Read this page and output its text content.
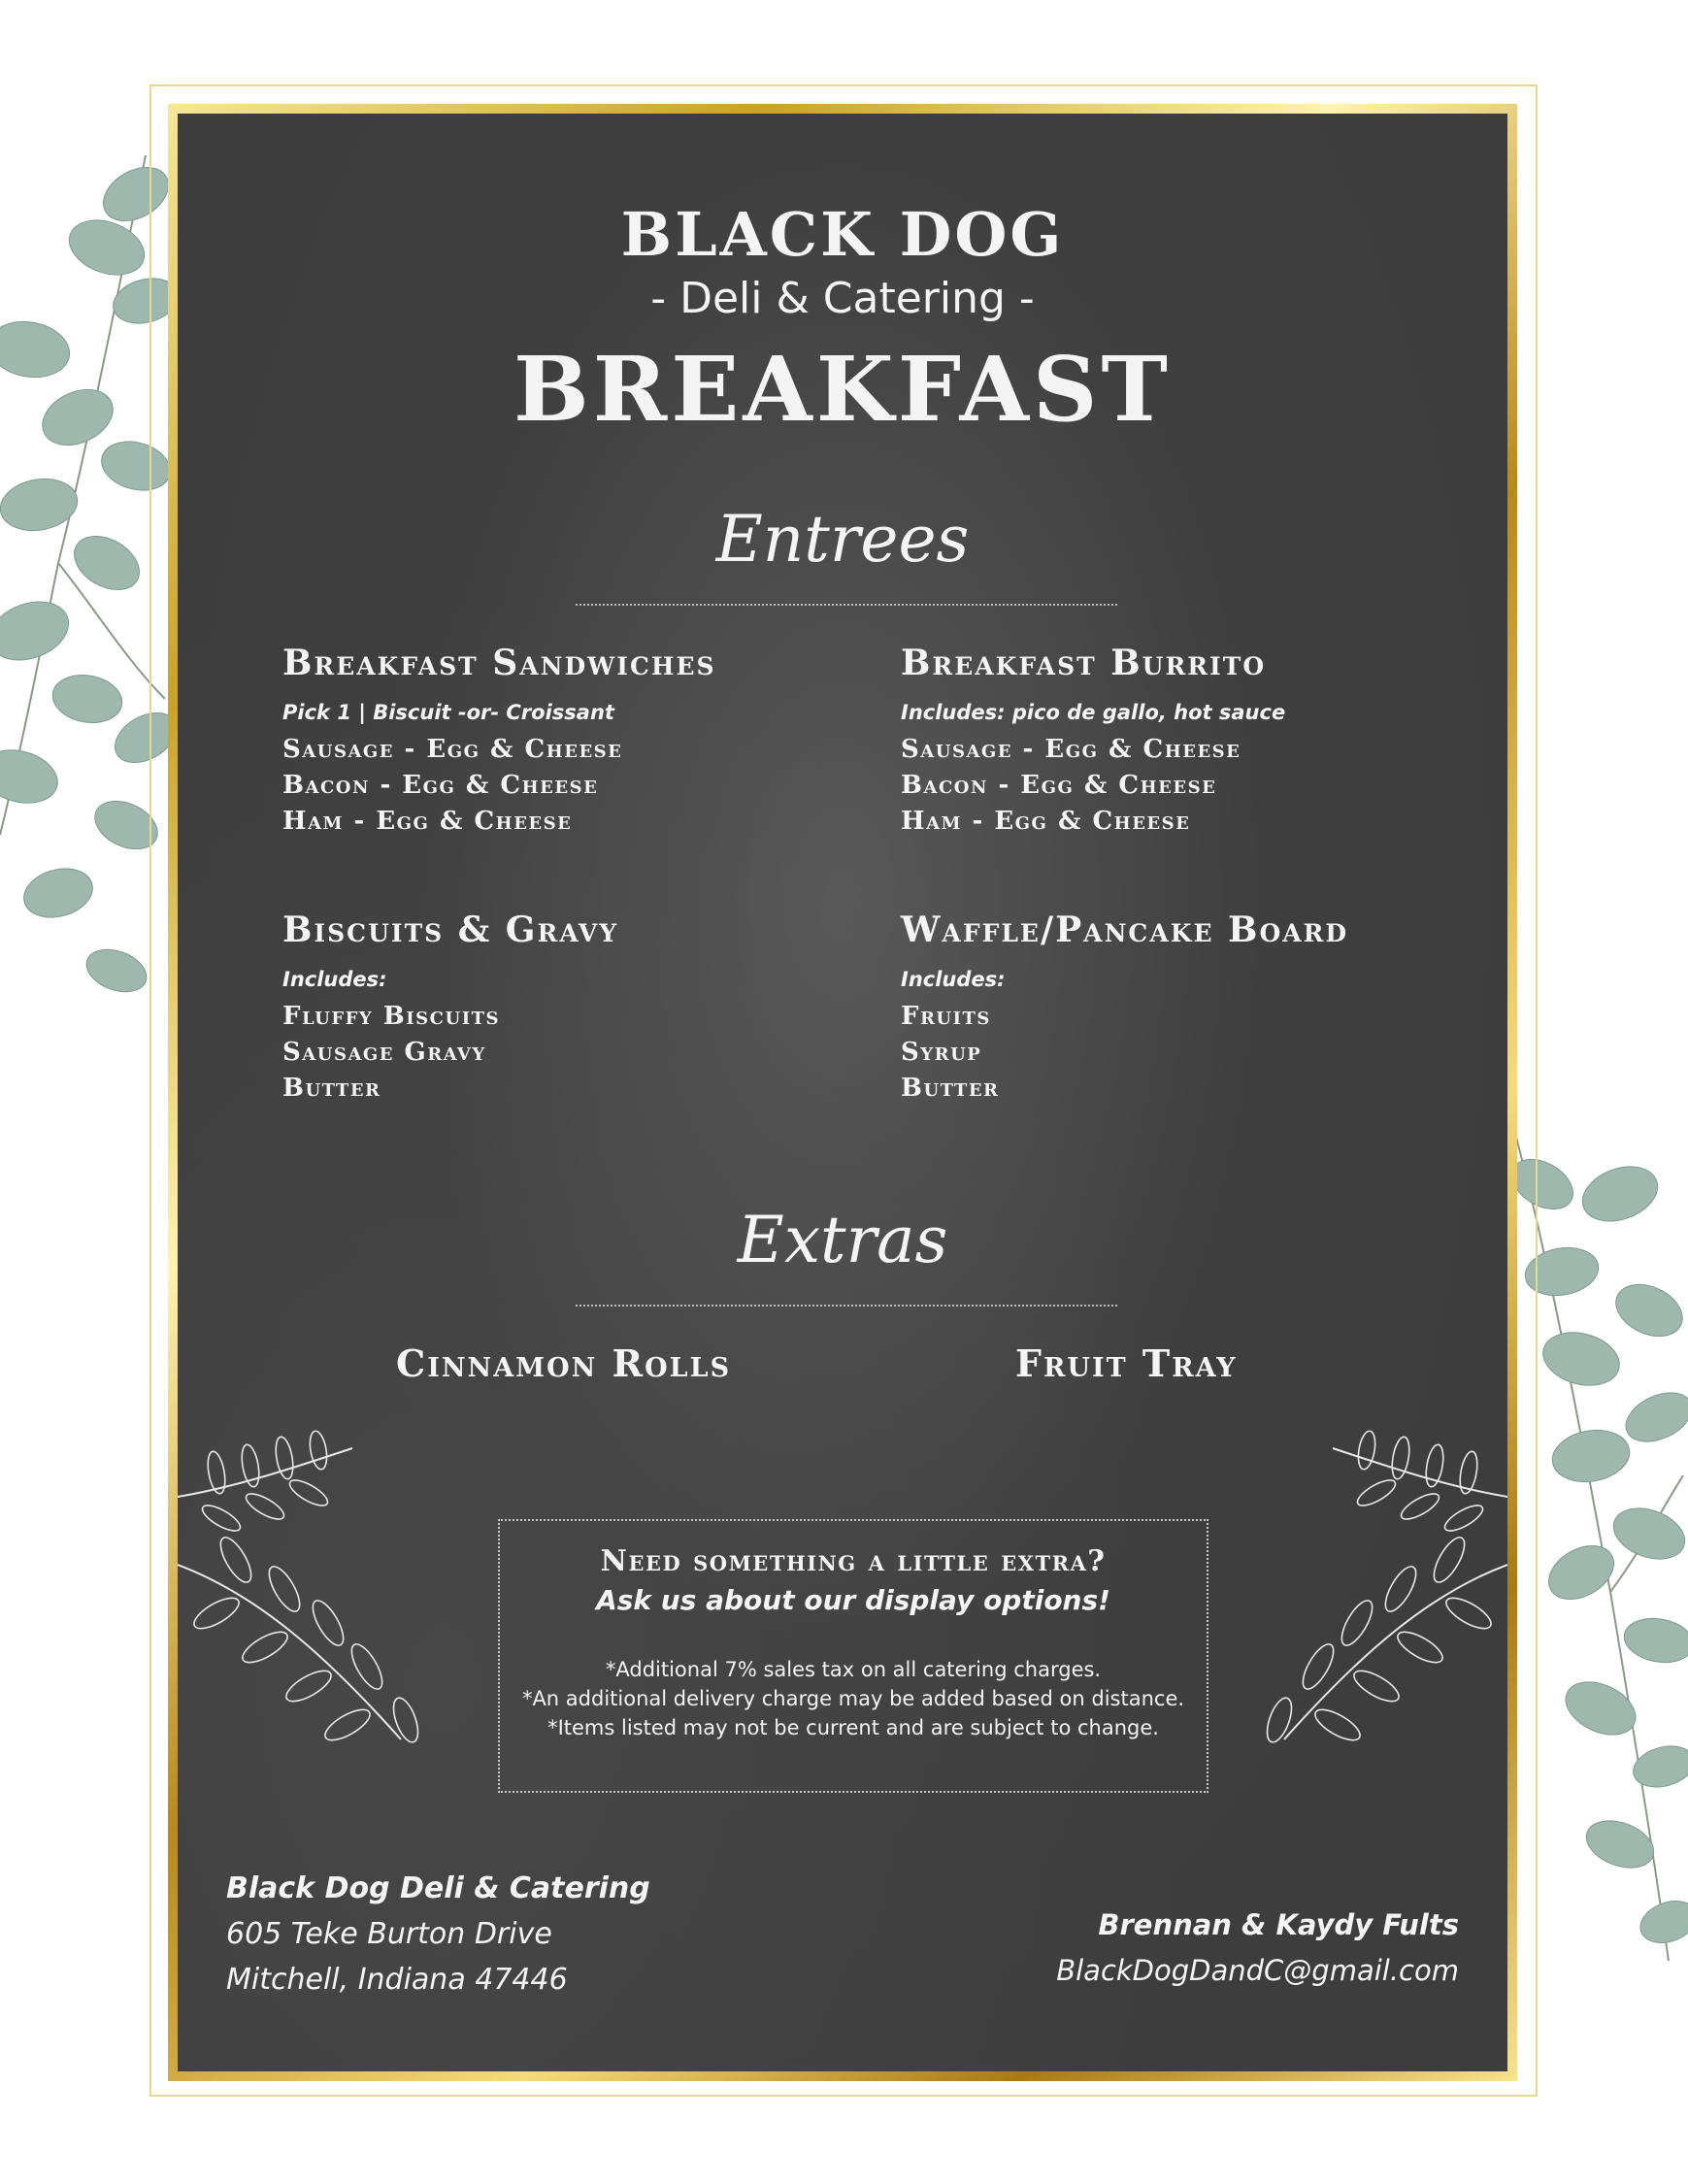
BLACK DOG
- Deli & Catering -
BREAKFAST
Entrees
Breakfast Sandwiches
Pick 1 | Biscuit -or- Croissant
Sausage - Egg & Cheese
Bacon - Egg & Cheese
Ham - Egg & Cheese
Breakfast Burrito
Includes: pico de gallo, hot sauce
Sausage - Egg & Cheese
Bacon - Egg & Cheese
Ham - Egg & Cheese
Biscuits & Gravy
Includes:
Fluffy Biscuits
Sausage Gravy
Butter
Waffle/Pancake Board
Includes:
Fruits
Syrup
Butter
Extras
Cinnamon Rolls	Fruit Tray
Need something a little extra?
Ask us about our display options!
*Additional 7% sales tax on all catering charges.
*An additional delivery charge may be added based on distance.
*Items listed may not be current and are subject to change.
Black Dog Deli & Catering
605 Teke Burton Drive
Mitchell, Indiana 47446
Brennan & Kaydy Fults
BlackDogDandC@gmail.com
